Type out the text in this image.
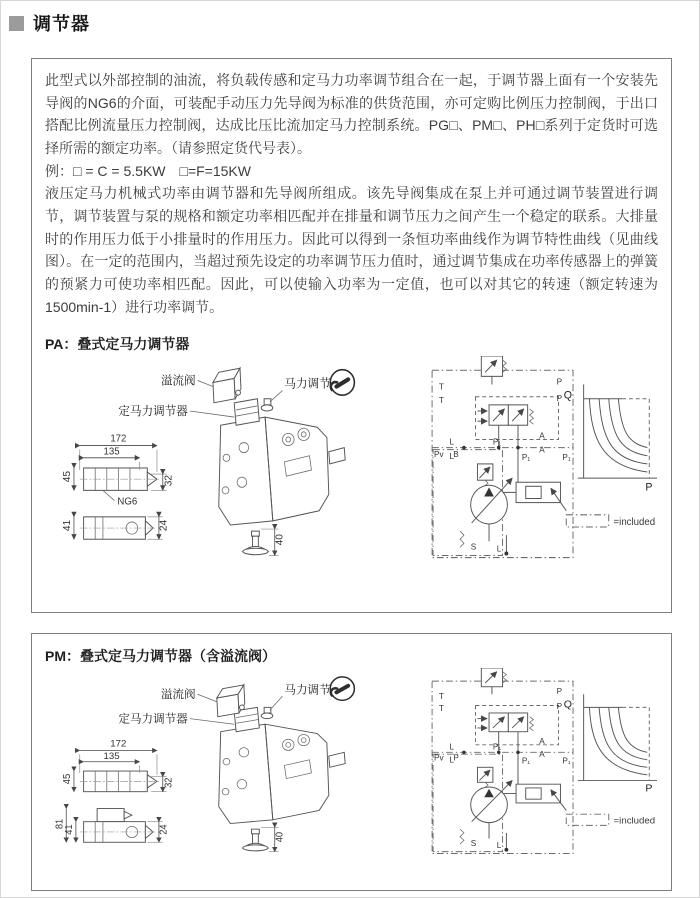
调节器

此型式以外部控制的油流，将负载传感和定马力功率调节组合在一起，于调节器上面有一个安装先导阀的NG6的介面，可装配手动压力先导阀为标准的供货范围，亦可定购比例压力控制阀，于出口搭配比例流量压力控制阀，达成比压比流加定马力控制系统。PG□、PM□、PH□系列于定货时可选择所需的额定功率。（请参照定货代号表）。

例：□ = C = 5.5KW　□=F=15KW

液压定马力机械式功率由调节器和先导阀所组成。该先导阀集成在泵上并可通过调节装置进行调节，调节装置与泵的规格和额定功率相匹配并在排量和调节压力之间产生一个稳定的联系。大排量时的作用压力低于小排量时的作用压力。因此可以得到一条恒功率曲线作为调节特性曲线（见曲线图）。在一定的范围内，当超过预先设定的功率调节压力值时，通过调节集成在功率传感器上的弹簧的预紧力可使功率相匹配。因此，可以使输入功率为一定值，也可以对其它的转速（额定转速为1500min-1）进行功率调节。

PA：叠式定马力调节器
溢流阀
定马力调节器
马力调节
172
135
45	32
NG6
41	24
40
T
T
P
P
L
L
P₁
A
A
P₁	P₁
Pv B
S L
Q
P
=included
PM：叠式定马力调节器（含溢流阀）
溢流阀
定马力调节器
马力调节
172
135
45	32
81
41	24
40
T
T
P
P
L
L
P₁
A
A
P₁	P₁
Pv P
S L
Q
P
=included
